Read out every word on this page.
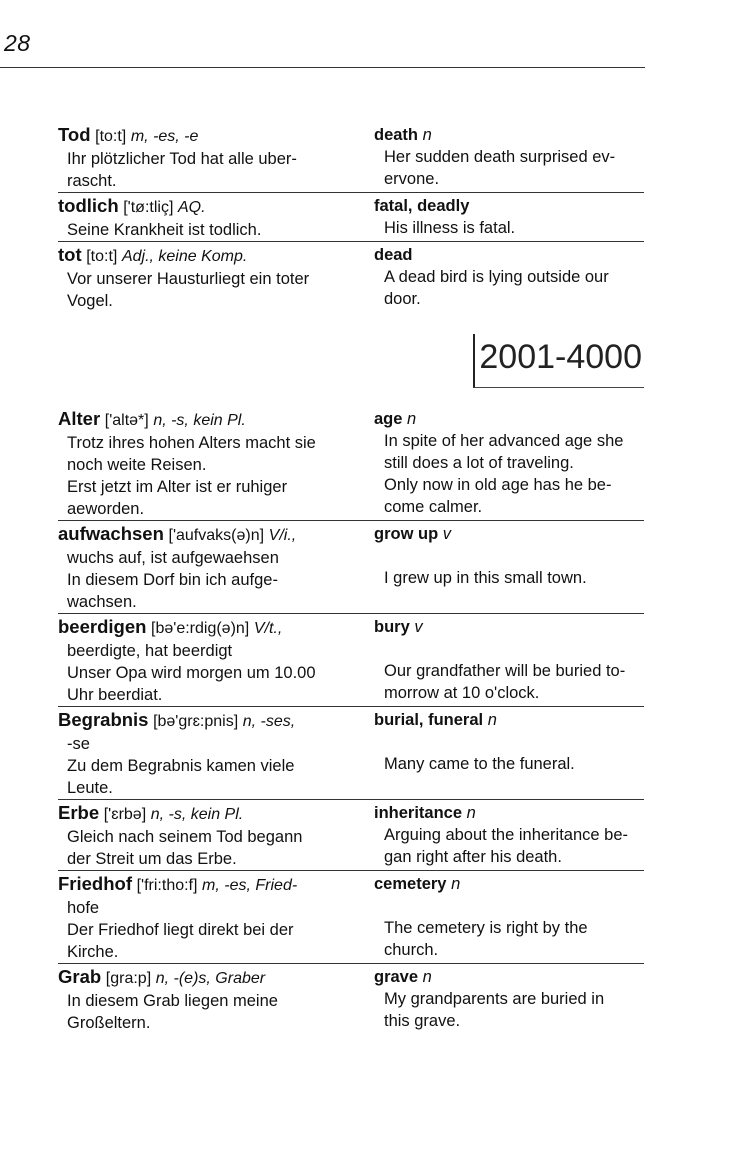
28
Tod [to:t] m, -es, -e
Ihr plötzlicher Tod hat alle uber-
rascht.
death n
Her sudden death surprised ev-
ervone.
todlich ['tø:tliç] AQ.
Seine Krankheit ist todlich.
fatal, deadly
His illness is fatal.
tot [to:t] Adj., keine Komp.
Vor unserer Hausturliegt ein toter
Vogel.
dead
A dead bird is lying outside our
door.
2001-4000
Alter ['altə*] n, -s, kein Pl.
Trotz ihres hohen Alters macht sie
noch weite Reisen.
Erst jetzt im Alter ist er ruhiger
aeworden.
age n
In spite of her advanced age she
still does a lot of traveling.
Only now in old age has he be-
come calmer.
aufwachsen ['aufvaks(ə)n] V/i.,
wuchs auf, ist aufgewaehsen
In diesem Dorf bin ich aufge-
wachsen.
grow up v

I grew up in this small town.
beerdigen [bə'e:rdig(ə)n] V/t.,
beerdigte, hat beerdigt
Unser Opa wird morgen um 10.00
Uhr beerdiat.
bury v

Our grandfather will be buried to-
morrow at 10 o'clock.
Begrabnis [bə'grɛ:pnis] n, -ses,
-se
Zu dem Begrabnis kamen viele
Leute.
burial, funeral n

Many came to the funeral.
Erbe ['ɛrbə] n, -s, kein Pl.
Gleich nach seinem Tod begann
der Streit um das Erbe.
inheritance n
Arguing about the inheritance be-
gan right after his death.
Friedhof ['fri:tho:f] m, -es, Fried-
hofe
Der Friedhof liegt direkt bei der
Kirche.
cemetery n

The cemetery is right by the
church.
Grab [gra:p] n, -(e)s, Graber
In diesem Grab liegen meine
Großeltern.
grave n
My grandparents are buried in
this grave.
